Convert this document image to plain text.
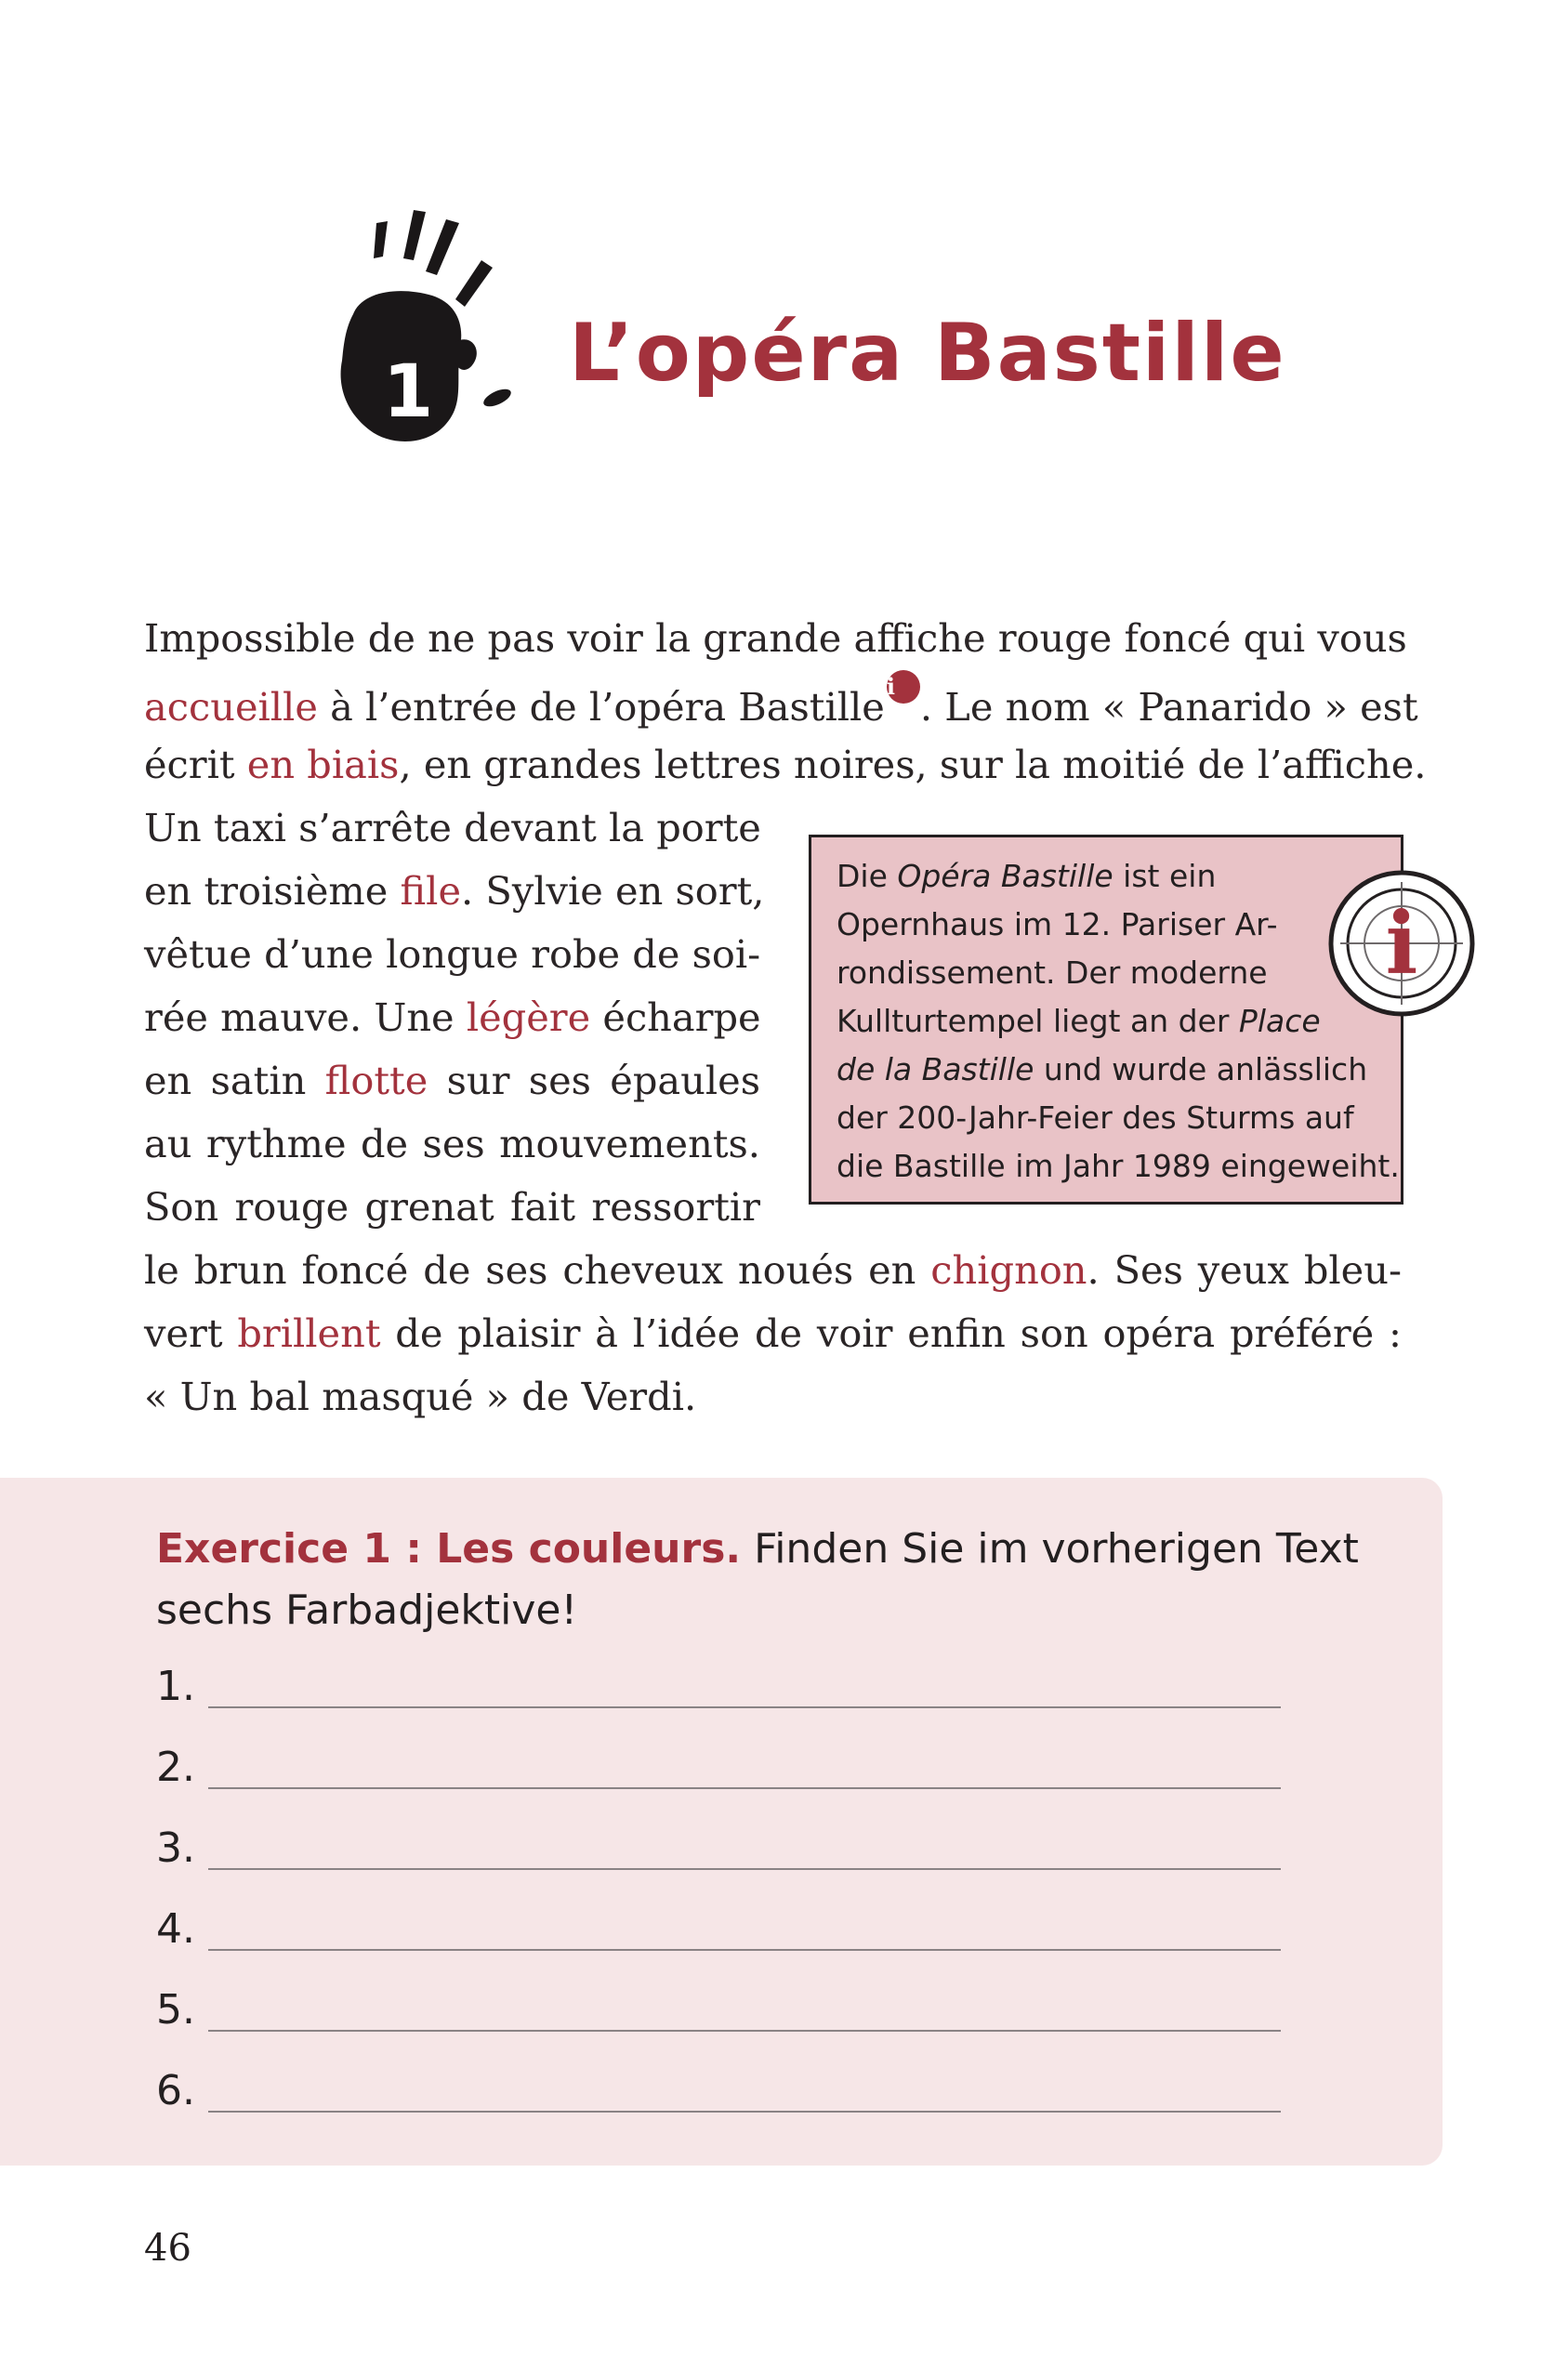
1 L’opéra Bastille
Impossible de ne pas voir la grande affiche rouge foncé qui vous
accueille à l’entrée de l’opéra Bastillei . Le nom « Panarido » est
écrit en biais, en grandes lettres noires, sur la moitié de l’affiche.
Un taxi s’arrête devant la porte
en troisième file. Sylvie en sort,
vêtue d’une longue robe de soi-
rée mauve. Une légère écharpe
en satin flotte sur ses épaules
au rythme de ses mouvements.
Son rouge grenat fait ressortir
le brun foncé de ses cheveux noués en chignon. Ses yeux bleu-
vert brillent de plaisir à l’idée de voir enfin son opéra préféré :
« Un bal masqué » de Verdi.
Die Opéra Bastille ist ein
Opernhaus im 12. Pariser Ar-
rondissement. Der moderne
Kullturtempel liegt an der Place
de la Bastille und wurde anlässlich
der 200-Jahr-Feier des Sturms auf
die Bastille im Jahr 1989 eingeweiht.
i
Exercice 1 : Les couleurs. Finden Sie im vorherigen Text
sechs Farbadjektive!
1.
2.
3.
4.
5.
6.
46
